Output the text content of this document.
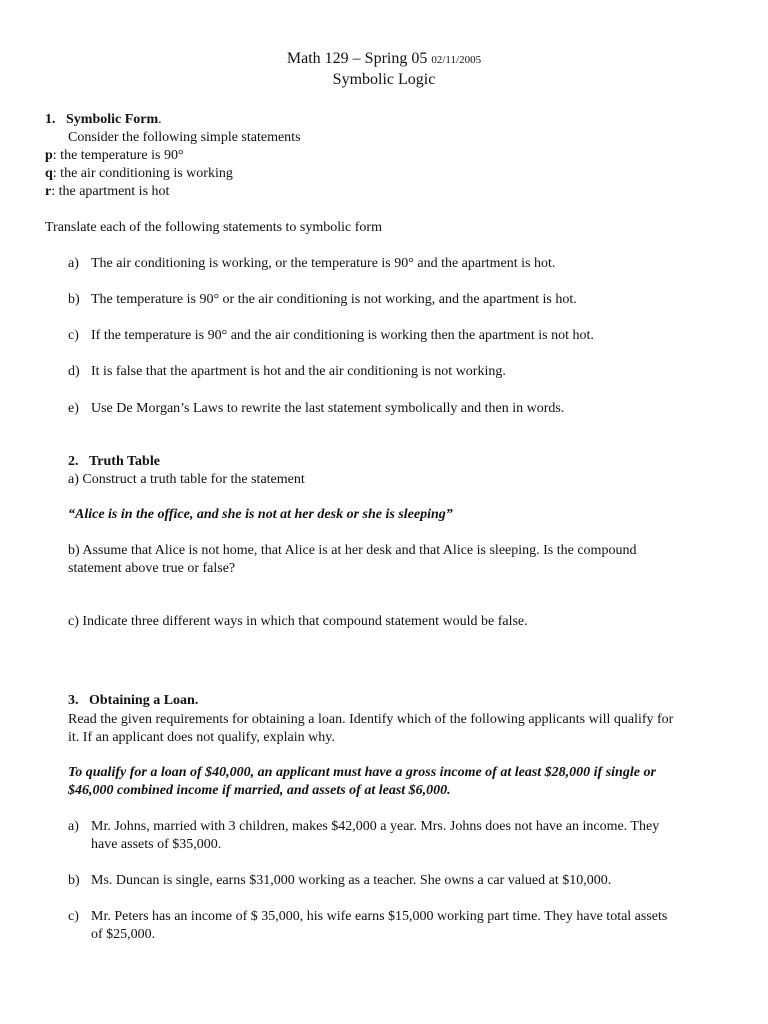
Math 129 – Spring 05 02/11/2005
Symbolic Logic
1. Symbolic Form.
Consider the following simple statements
p: the temperature is 90°
q: the air conditioning is working
r: the apartment is hot
Translate each of the following statements to symbolic form
a) The air conditioning is working, or the temperature is 90° and the apartment is hot.
b) The temperature is 90° or the air conditioning is not working, and the apartment is hot.
c) If the temperature is 90° and the air conditioning is working then the apartment is not hot.
d) It is false that the apartment is hot and the air conditioning is not working.
e) Use De Morgan’s Laws to rewrite the last statement symbolically and then in words.
2. Truth Table
a) Construct a truth table for the statement
“Alice is in the office, and she is not at her desk or she is sleeping”
b) Assume that Alice is not home, that Alice is at her desk and that Alice is sleeping. Is the compound
statement above true or false?
c) Indicate three different ways in which that compound statement would be false.
3. Obtaining a Loan.
Read the given requirements for obtaining a loan. Identify which of the following applicants will qualify for
it. If an applicant does not qualify, explain why.
To qualify for a loan of $40,000, an applicant must have a gross income of at least $28,000 if single or
$46,000 combined income if married, and assets of at least $6,000.
a) Mr. Johns, married with 3 children, makes $42,000 a year. Mrs. Johns does not have an income. They
have assets of $35,000.
b) Ms. Duncan is single, earns $31,000 working as a teacher. She owns a car valued at $10,000.
c) Mr. Peters has an income of $ 35,000, his wife earns $15,000 working part time. They have total assets
of $25,000.
